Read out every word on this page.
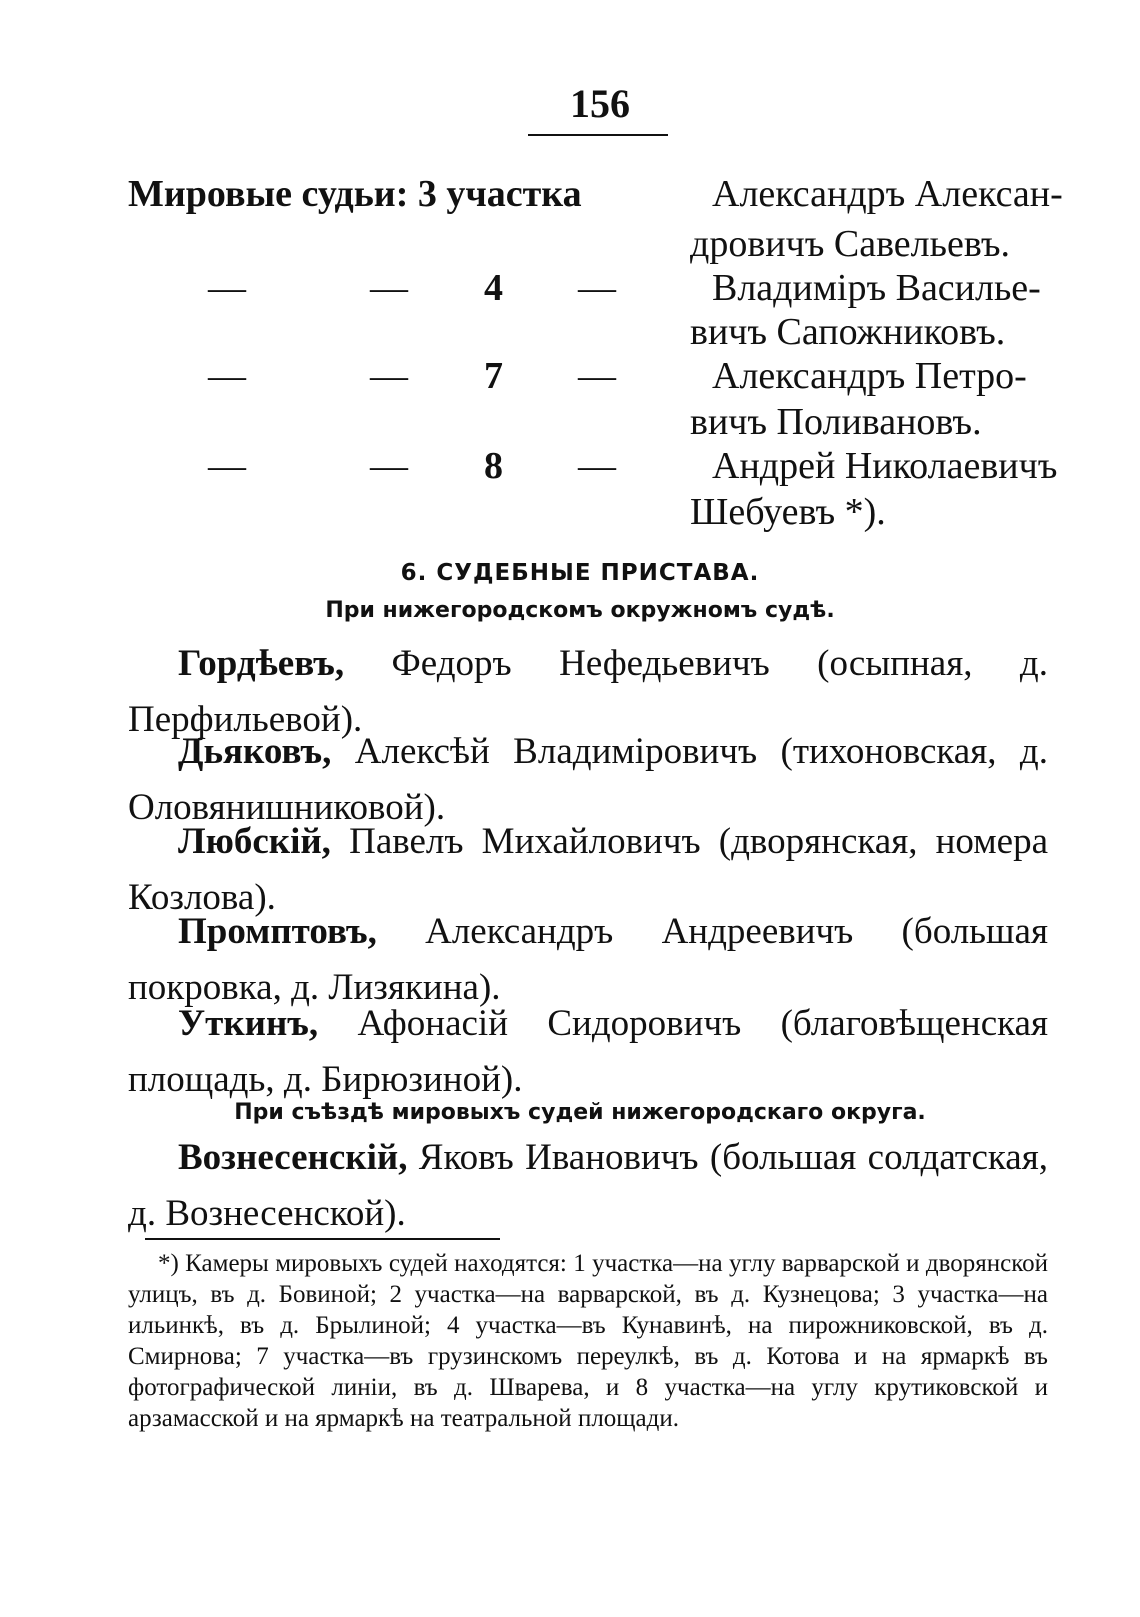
156
Мировые судьи: 3 участка	Александръ Алексан-
дровичъ Савельевъ.
—	— 4 —	Владиміръ Василье-
вичъ Сапожниковъ.
—	— 7 —	Александръ Петро-
вичъ Поливановъ.
—	— 8 —	Андрей Николаевичъ
Шебуевъ *).
6. СУДЕБНЫЕ ПРИСТАВА.
При нижегородскомъ окружномъ судѣ.
Гордѣевъ, Федоръ Нефедьевичъ (осыпная, д. Перфильевой).
Дьяковъ, Алексѣй Владиміровичъ (тихоновская, д. Оловянишниковой).
Любскій, Павелъ Михайловичъ (дворянская, номера Козлова).
Промптовъ, Александръ Андреевичъ (большая покровка, д. Лизякина).
Уткинъ, Афонасій Сидоровичъ (благовѣщенская площадь, д. Бирюзиной).
При съѣздѣ мировыхъ судей нижегородскаго округа.
Вознесенскій, Яковъ Ивановичъ (большая солдатская, д. Вознесенской).
*) Камеры мировыхъ судей находятся: 1 участка—на углу варварской и дворянской улицъ, въ д. Бовиной; 2 участка—на варварской, въ д. Кузнецова; 3 участка—на ильинкѣ, въ д. Брылиной; 4 участка—въ Кунавинѣ, на пирожниковской, въ д. Смирнова; 7 участка—въ грузинскомъ переулкѣ, въ д. Котова и на ярмаркѣ въ фотографической линіи, въ д. Шварева, и 8 участка—на углу крутиковской и арзамасской и на ярмаркѣ на театральной площади.
